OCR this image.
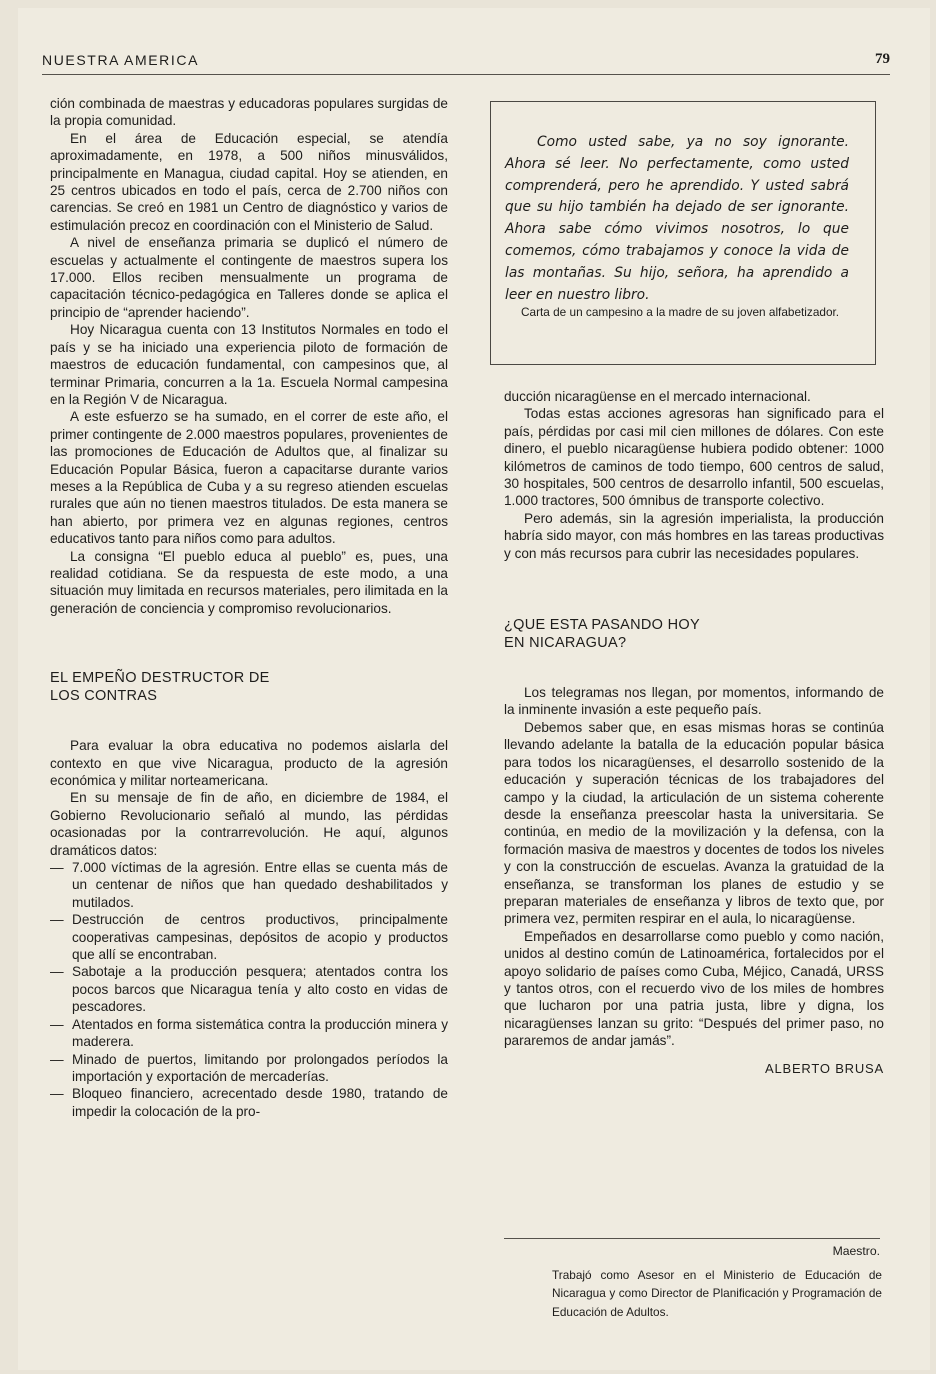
NUESTRA AMERICA	79

ción combinada de maestras y educadoras populares surgidas de la propia comunidad.

En el área de Educación especial, se atendía aproximadamente, en 1978, a 500 niños minusválidos, principalmente en Managua, ciudad capital. Hoy se atienden, en 25 centros ubicados en todo el país, cerca de 2.700 niños con carencias. Se creó en 1981 un Centro de diagnóstico y varios de estimulación precoz en coordinación con el Ministerio de Salud.

A nivel de enseñanza primaria se duplicó el número de escuelas y actualmente el contingente de maestros supera los 17.000. Ellos reciben mensualmente un programa de capacitación técnico-pedagógica en Talleres donde se aplica el principio de “aprender haciendo”.

Hoy Nicaragua cuenta con 13 Institutos Normales en todo el país y se ha iniciado una experiencia piloto de formación de maestros de educación fundamental, con campesinos que, al terminar Primaria, concurren a la 1a. Escuela Normal campesina en la Región V de Nicaragua.

A este esfuerzo se ha sumado, en el correr de este año, el primer contingente de 2.000 maestros populares, provenientes de las promociones de Educación de Adultos que, al finalizar su Educación Popular Básica, fueron a capacitarse durante varios meses a la República de Cuba y a su regreso atienden escuelas rurales que aún no tienen maestros titulados. De esta manera se han abierto, por primera vez en algunas regiones, centros educativos tanto para niños como para adultos.

La consigna “El pueblo educa al pueblo” es, pues, una realidad cotidiana. Se da respuesta de este modo, a una situación muy limitada en recursos materiales, pero ilimitada en la generación de conciencia y compromiso revolucionarios.

EL EMPEÑO DESTRUCTOR DE
LOS CONTRAS

Para evaluar la obra educativa no podemos aislarla del contexto en que vive Nicaragua, producto de la agresión económica y militar norteamericana.

En su mensaje de fin de año, en diciembre de 1984, el Gobierno Revolucionario señaló al mundo, las pérdidas ocasionadas por la contrarrevolución. He aquí, algunos dramáticos datos:

— 7.000 víctimas de la agresión. Entre ellas se cuenta más de un centenar de niños que han quedado deshabilitados y mutilados.
— Destrucción de centros productivos, principalmente cooperativas campesinas, depósitos de acopio y productos que allí se encontraban.
— Sabotaje a la producción pesquera; atentados contra los pocos barcos que Nicaragua tenía y alto costo en vidas de pescadores.
— Atentados en forma sistemática contra la producción minera y maderera.
— Minado de puertos, limitando por prolongados períodos la importación y exportación de mercaderías.
— Bloqueo financiero, acrecentado desde 1980, tratando de impedir la colocación de la pro-
Como usted sabe, ya no soy ignorante. Ahora sé leer. No perfectamente, como usted comprenderá, pero he aprendido. Y usted sabrá que su hijo también ha dejado de ser ignorante. Ahora sabe cómo vivimos nosotros, lo que comemos, cómo trabajamos y conoce la vida de las montañas. Su hijo, señora, ha aprendido a leer en nuestro libro.
Carta de un campesino a la madre de su joven alfabetizador.

ducción nicaragüense en el mercado internacional.

Todas estas acciones agresoras han significado para el país, pérdidas por casi mil cien millones de dólares. Con este dinero, el pueblo nicaragüense hubiera podido obtener: 1000 kilómetros de caminos de todo tiempo, 600 centros de salud, 30 hospitales, 500 centros de desarrollo infantil, 500 escuelas, 1.000 tractores, 500 ómnibus de transporte colectivo.

Pero además, sin la agresión imperialista, la producción habría sido mayor, con más hombres en las tareas productivas y con más recursos para cubrir las necesidades populares.

¿QUE ESTA PASANDO HOY
EN NICARAGUA?

Los telegramas nos llegan, por momentos, informando de la inminente invasión a este pequeño país.

Debemos saber que, en esas mismas horas se continúa llevando adelante la batalla de la educación popular básica para todos los nicaragüenses, el desarrollo sostenido de la educación y superación técnicas de los trabajadores del campo y la ciudad, la articulación de un sistema coherente desde la enseñanza preescolar hasta la universitaria. Se continúa, en medio de la movilización y la defensa, con la formación masiva de maestros y docentes de todos los niveles y con la construcción de escuelas. Avanza la gratuidad de la enseñanza, se transforman los planes de estudio y se preparan materiales de enseñanza y libros de texto que, por primera vez, permiten respirar en el aula, lo nicaragüense.

Empeñados en desarrollarse como pueblo y como nación, unidos al destino común de Latinoamérica, fortalecidos por el apoyo solidario de países como Cuba, Méjico, Canadá, URSS y tantos otros, con el recuerdo vivo de los miles de hombres que lucharon por una patria justa, libre y digna, los nicaragüenses lanzan su grito: “Después del primer paso, no pararemos de andar jamás”.

ALBERTO BRUSA
Maestro.
Trabajó como Asesor en el Ministerio de Educación de Nicaragua y como Director de Planificación y Programación de Educación de Adultos.
